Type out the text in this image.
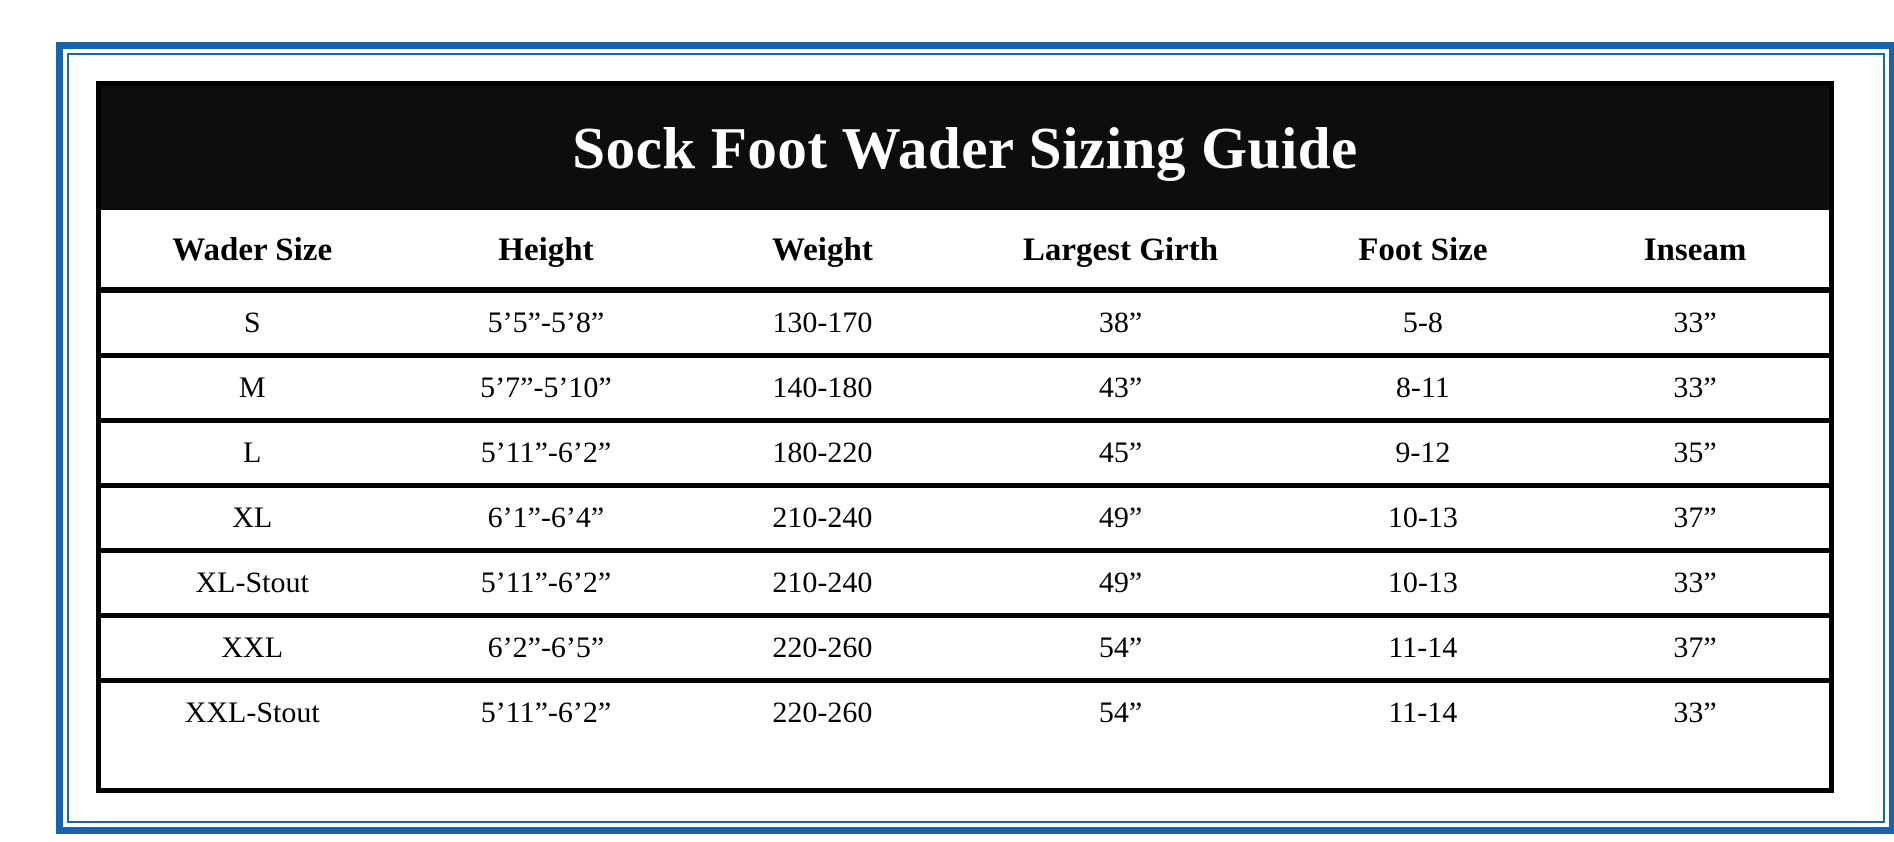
Sock Foot Wader Sizing Guide
Wader Size	Height	Weight	Largest Girth	Foot Size	Inseam
S	5’5”-5’8”	130-170	38”	5-8	33”
M	5’7”-5’10”	140-180	43”	8-11	33”
L	5’11”-6’2”	180-220	45”	9-12	35”
XL	6’1”-6’4”	210-240	49”	10-13	37”
XL-Stout	5’11”-6’2”	210-240	49”	10-13	33”
XXL	6’2”-6’5”	220-260	54”	11-14	37”
XXL-Stout	5’11”-6’2”	220-260	54”	11-14	33”
